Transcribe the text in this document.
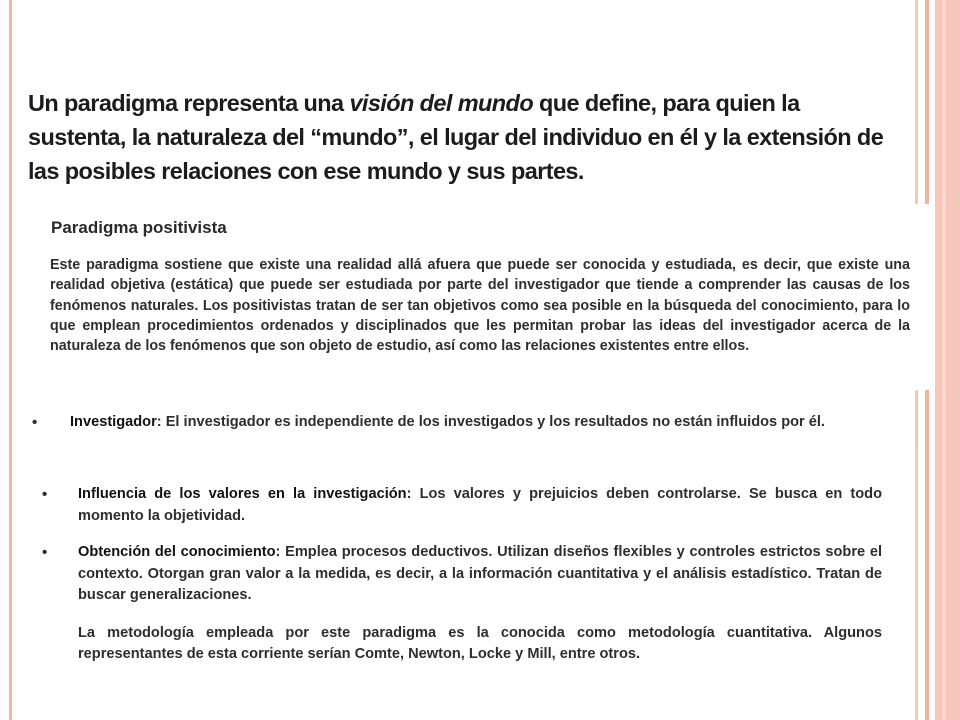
Un paradigma representa una visión del mundo que define, para quien la sustenta, la naturaleza del “mundo”, el lugar del individuo en él y la extensión de las posibles relaciones con ese mundo y sus partes.

Paradigma positivista

Este paradigma sostiene que existe una realidad allá afuera que puede ser conocida y estudiada, es decir, que existe una realidad objetiva (estática) que puede ser estudiada por parte del investigador que tiende a comprender las causas de los fenómenos naturales. Los positivistas tratan de ser tan objetivos como sea posible en la búsqueda del conocimiento, para lo que emplean procedimientos ordenados y disciplinados que les permitan probar las ideas del investigador acerca de la naturaleza de los fenómenos que son objeto de estudio, así como las relaciones existentes entre ellos.

• Investigador: El investigador es independiente de los investigados y los resultados no están influidos por él.
• Influencia de los valores en la investigación: Los valores y prejuicios deben controlarse. Se busca en todo momento la objetividad.
• Obtención del conocimiento: Emplea procesos deductivos. Utilizan diseños flexibles y controles estrictos sobre el contexto. Otorgan gran valor a la medida, es decir, a la información cuantitativa y el análisis estadístico. Tratan de buscar generalizaciones.

La metodología empleada por este paradigma es la conocida como metodología cuantitativa. Algunos representantes de esta corriente serían Comte, Newton, Locke y Mill, entre otros.
